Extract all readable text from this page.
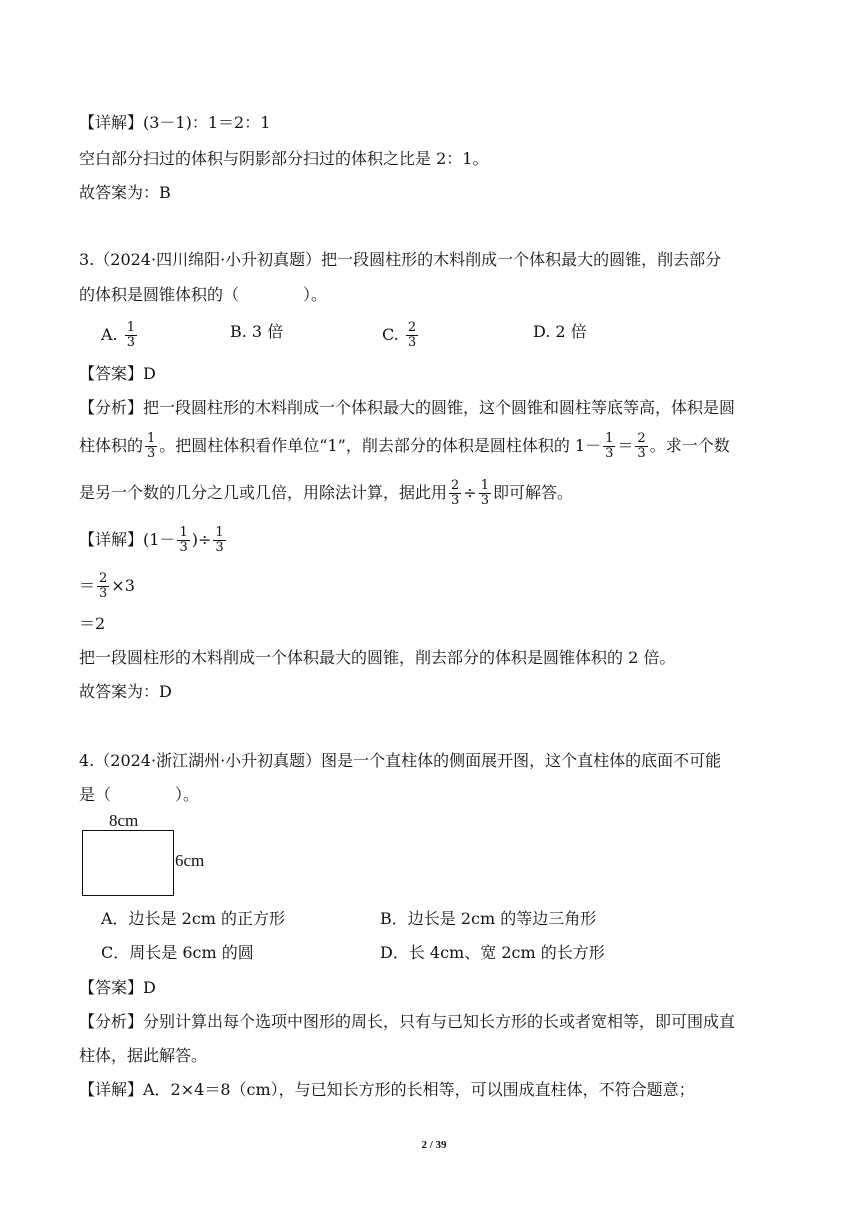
【详解】(3－1)：1＝2：1
空白部分扫过的体积与阴影部分扫过的体积之比是 2：1。
故答案为：B
3.（2024·四川绵阳·小升初真题）把一段圆柱形的木料削成一个体积最大的圆锥，削去部分
的体积是圆锥体积的（　　　　）。
A. $\frac{1}{3}$	B. 3 倍	C. $\frac{2}{3}$	D. 2 倍
【答案】D
【分析】把一段圆柱形的木料削成一个体积最大的圆锥，这个圆锥和圆柱等底等高，体积是圆
柱体积的 $\frac{1}{3}$ 。把圆柱体积看作单位“1”，削去部分的体积是圆柱体积的 $1- \frac{1}{3} = \frac{2}{3}$ 。求一个数
是另一个数的几分之几或几倍，用除法计算，据此用 $\frac{2}{3} \div \frac{1}{3}$ 即可解答。
【详解】($1- \frac{1}{3}$ )÷ $\frac{1}{3}$
＝ $\frac{2}{3} \times 3$
＝2
把一段圆柱形的木料削成一个体积最大的圆锥，削去部分的体积是圆锥体积的 2 倍。
故答案为：D
4.（2024·浙江湖州·小升初真题）图是一个直柱体的侧面展开图，这个直柱体的底面不可能
是（　　　　）。
8cm
6cm
A．边长是 2cm 的正方形	B．边长是 2cm 的等边三角形
C．周长是 6cm 的圆	D．长 4cm、宽 2cm 的长方形
【答案】D
【分析】分别计算出每个选项中图形的周长，只有与已知长方形的长或者宽相等，即可围成直
柱体，据此解答。
【详解】A．2×4＝8（cm），与已知长方形的长相等，可以围成直柱体，不符合题意；
2 / 39
